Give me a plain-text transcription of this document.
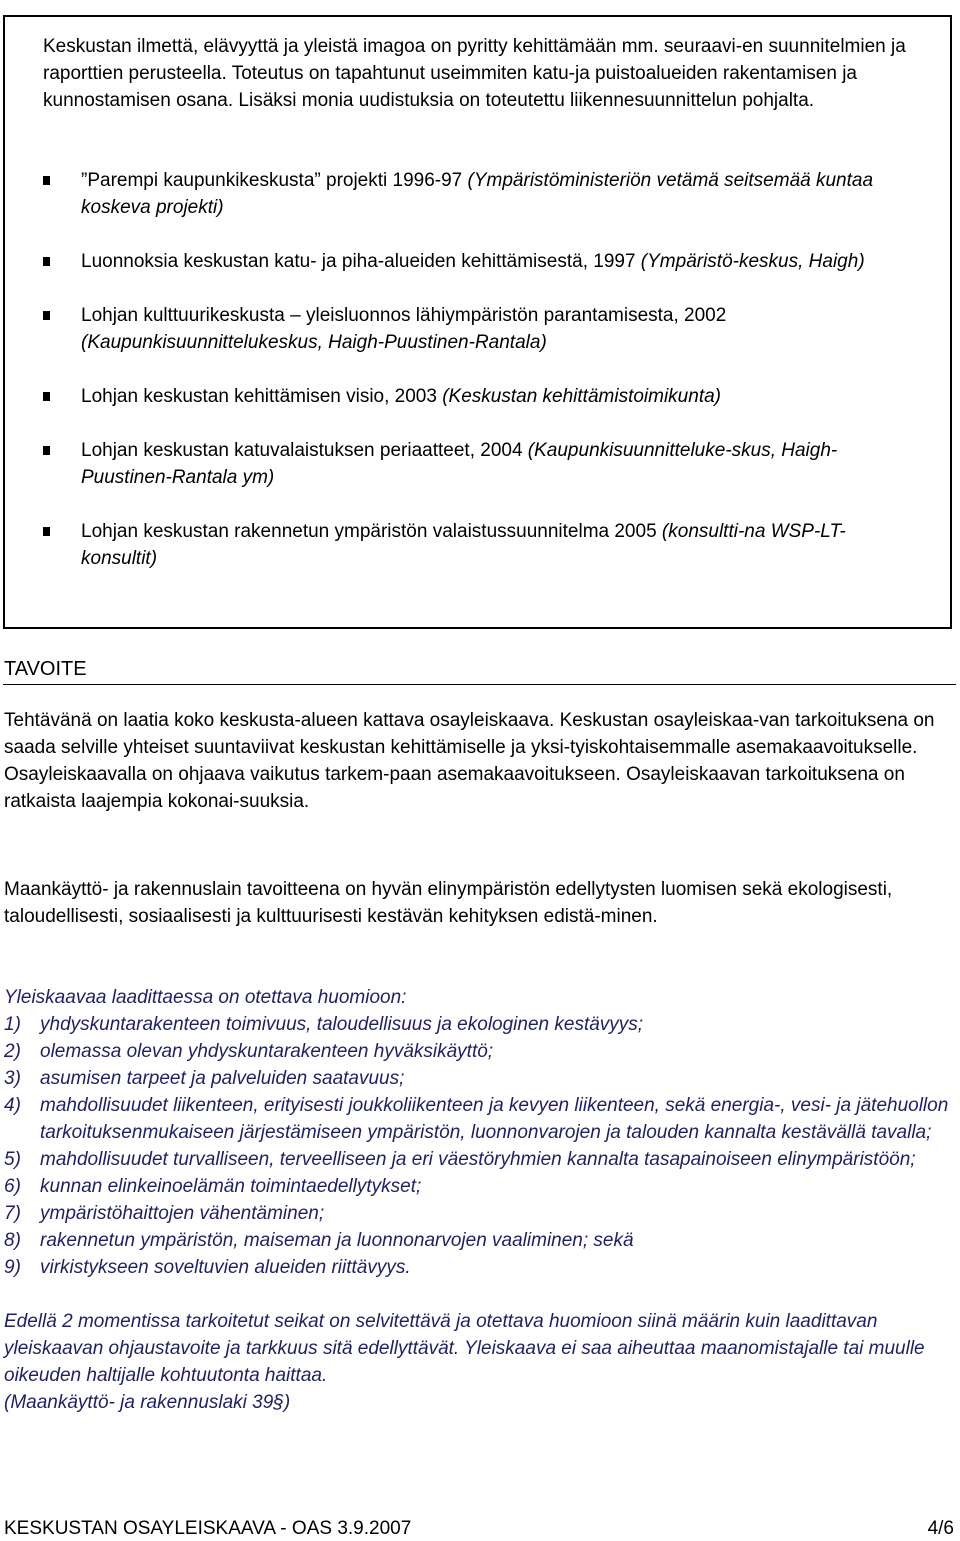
Keskustan ilmettä, elävyyttä ja yleistä imagoa on pyritty kehittämään mm. seuraavi-en suunnitelmien ja raporttien perusteella. Toteutus on tapahtunut useimmiten katu-ja puistoalueiden rakentamisen ja kunnostamisen osana. Lisäksi monia uudistuksia on toteutettu liikennesuunnittelun pohjalta.

”Parempi kaupunkikeskusta” projekti 1996-97 (Ympäristöministeriön vetämä seitsemää kuntaa koskeva projekti)
Luonnoksia keskustan katu- ja piha-alueiden kehittämisestä, 1997 (Ympäristö-keskus, Haigh)
Lohjan kulttuurikeskusta – yleisluonnos lähiympäristön parantamisesta, 2002 (Kaupunkisuunnittelukeskus, Haigh-Puustinen-Rantala)
Lohjan keskustan kehittämisen visio, 2003 (Keskustan kehittämistoimikunta)
Lohjan keskustan katuvalaistuksen periaatteet, 2004 (Kaupunkisuunnitteluke-skus, Haigh-Puustinen-Rantala ym)
Lohjan keskustan rakennetun ympäristön valaistussuunnitelma 2005 (konsultti-na WSP-LT-konsultit)
TAVOITE

Tehtävänä on laatia koko keskusta-alueen kattava osayleiskaava. Keskustan osayleiskaa-van tarkoituksena on saada selville yhteiset suuntaviivat keskustan kehittämiselle ja yksi-tyiskohtaisemmalle asemakaavoitukselle. Osayleiskaavalla on ohjaava vaikutus tarkem-paan asemakaavoitukseen. Osayleiskaavan tarkoituksena on ratkaista laajempia kokonai-suuksia.

Maankäyttö- ja rakennuslain tavoitteena on hyvän elinympäristön edellytysten luomisen sekä ekologisesti, taloudellisesti, sosiaalisesti ja kulttuurisesti kestävän kehityksen edistä-minen.

Yleiskaavaa laadittaessa on otettava huomioon:

1) yhdyskuntarakenteen toimivuus, taloudellisuus ja ekologinen kestävyys;
2) olemassa olevan yhdyskuntarakenteen hyväksikäyttö;
3) asumisen tarpeet ja palveluiden saatavuus;
4) mahdollisuudet liikenteen, erityisesti joukkoliikenteen ja kevyen liikenteen, sekä energia-, vesi- ja jätehuollon tarkoituksenmukaiseen järjestämiseen ympäristön, luonnonvarojen ja talouden kannalta kestävällä tavalla;
5) mahdollisuudet turvalliseen, terveelliseen ja eri väestöryhmien kannalta tasapainoiseen elinympäristöön;
6) kunnan elinkeinoelämän toimintaedellytykset;
7) ympäristöhaittojen vähentäminen;
8) rakennetun ympäristön, maiseman ja luonnonarvojen vaaliminen; sekä
9) virkistykseen soveltuvien alueiden riittävyys.

Edellä 2 momentissa tarkoitetut seikat on selvitettävä ja otettava huomioon siinä määrin kuin laadittavan yleiskaavan ohjaustavoite ja tarkkuus sitä edellyttävät. Yleiskaava ei saa aiheuttaa maanomistajalle tai muulle oikeuden haltijalle kohtuutonta haittaa.
(Maankäyttö- ja rakennuslaki 39§)

KESKUSTAN OSAYLEISKAAVA - OAS 3.9.2007	4/6
